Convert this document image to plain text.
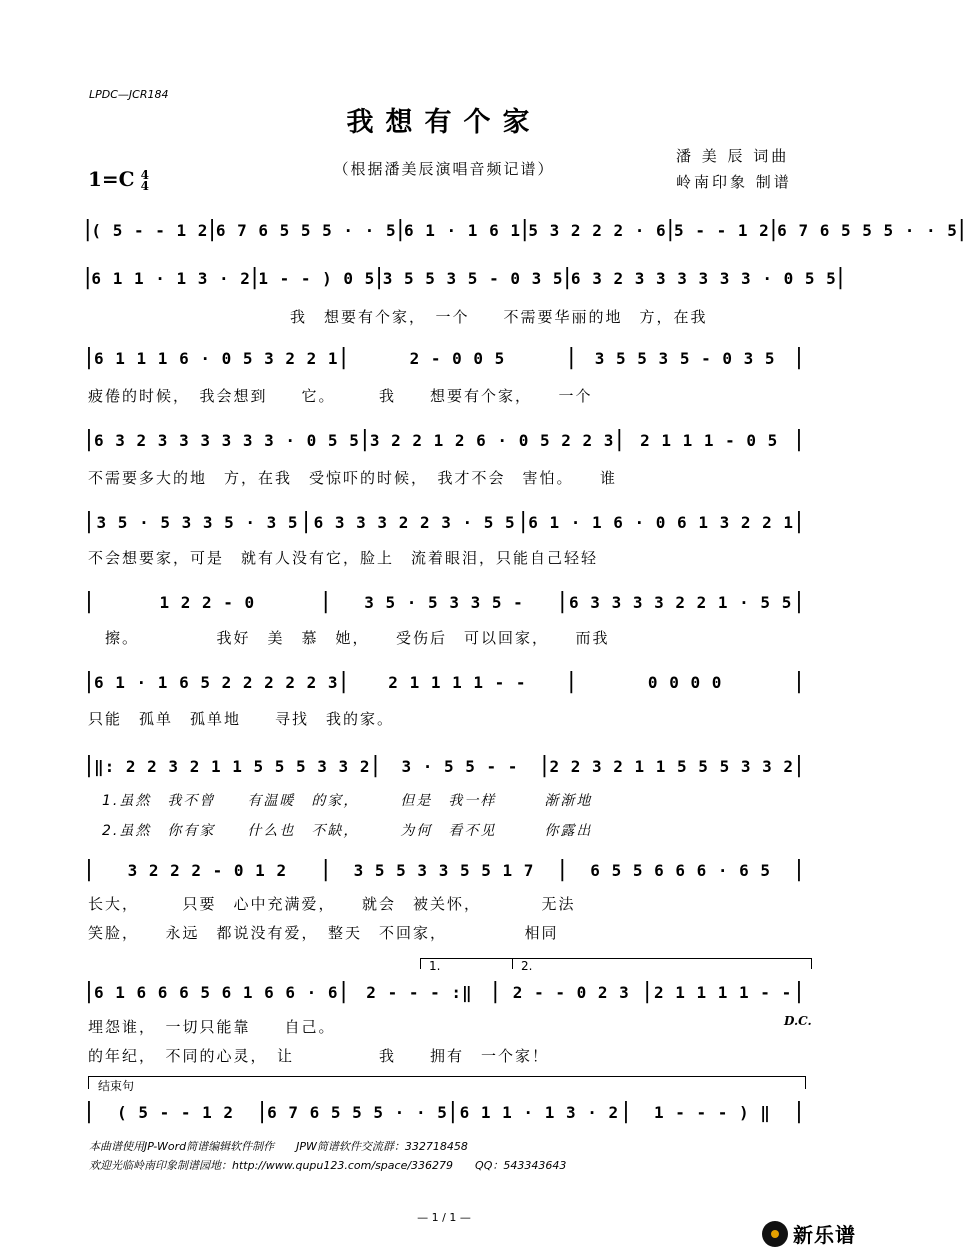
LPDC—JCR184
我想有个家
1=C 4
4
（根据潘美辰演唱音频记谱）
潘 美 辰 词曲
岭南印象 制谱
| ( 5 - - 1 2 | 6 7 6 5 5 5 · · 5 | 6 1 · 1 6 1 | 5 3 2 2 2 · 6 | 5 - - 1 2 | 6 7 6 5 5 5 · · 5 |
| 6 1 1 · 1 3 · 2 | 1 - - ) 0 5 | 3 5 5 3 5 - 0 3 5 | 6 3 2 3 3 3 3 3 3 · 0 5 5 |
我　想要有个家，　一个　　不需要华丽的地　方，在我
| 6 1 1 1 6 · 0 5 3 2 2 1 |	2 - 0 0 5	|	3 5 5 3 5 - 0 3 5 |
疲倦的时候，　我会想到　　它。　　　我　　想要有个家，　　一个
| 6 3 2 3 3 3 3 3 3 · 0 5 5 | 3 2 2 1 2 6 · 0 5 2 2 3 |	2 1 1 1 - 0 5 |
不需要多大的地　方，在我　受惊吓的时候，　我才不会　害怕。　　谁
| 3 5 · 5 3 3 5 · 3 5 | 6 3 3 3 2 2 3 · 5 5 | 6 1 · 1 6 · 0 6 1 3 2 2 1 |
不会想要家，可是　就有人没有它，脸上　流着眼泪，只能自己轻轻
|	1 2 2 - 0	|	3 5 · 5 3 3 5 -	| 6 3 3 3 3 2 2 1 · 5 5 |
　擦。　　　　　我好　美　慕　她，　　受伤后　可以回家，　　而我
| 6 1 · 1 6 5 2 2 2 2 2 3 |	2 1 1 1 1 - -	|	0 0 0 0	|
只能　孤单　孤单地　　寻找　我的家。
| ‖: 2 2 3 2 1 1 5 5 5 3 3 2 |	3 · 5 5 - -	| 2 2 3 2 1 1 5 5 5 3 3 2 |
1.虽然　我不曾　　有温暖　的家，　　　但是　我一样　　　渐渐地
2.虽然　你有家　　什么也　不缺，　　　为何　看不见　　　你露出
|	3 2 2 2 - 0 1 2	|	3 5 5 3 3 5 5 1 7	|	6 5 5 6 6 6 · 6 5	|
长大，　　　只要　心中充满爱，　　就会　被关怀，　　　　无法
笑脸，　　永远　都说没有爱，　整天　不回家，　　　　　相同
1.	2.
| 6 1 6 6 6 5 6 1 6 6 · 6 |	2 - - - :‖ | 2 - - 0 2 3 | 2 1 1 1 1 - - |
D.C.
埋怨谁，　一切只能靠　　自己。
的年纪，　不同的心灵，　让　　　　　我　　拥有　一个家！
结束句
|	( 5 - - 1 2	| 6 7 6 5 5 5 · · 5 | 6 1 1 · 1 3 · 2 |	1 - - - ) ‖	|
本曲谱使用JP-Word简谱编辑软件制作　　JPW简谱软件交流群：332718458
欢迎光临岭南印象制谱园地：http://www.qupu123.com/space/336279　　QQ：543343643
— 1 / 1 —
新乐谱
